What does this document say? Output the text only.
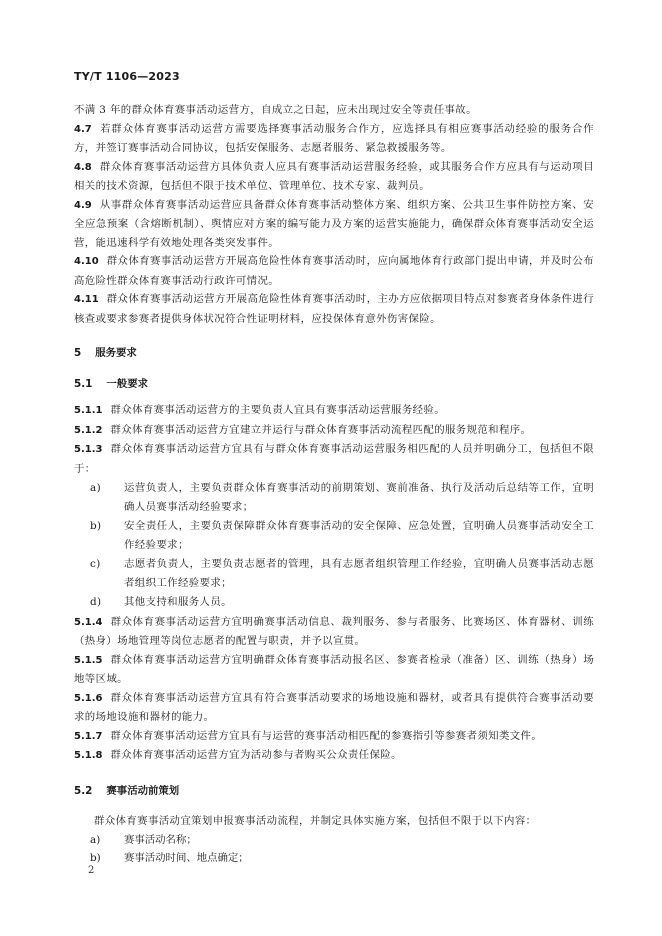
TY/T 1106—2023

不满 3 年的群众体育赛事活动运营方，自成立之日起，应未出现过安全等责任事故。

4.7 若群众体育赛事活动运营方需要选择赛事活动服务合作方，应选择具有相应赛事活动经验的服务合作方，并签订赛事活动合同协议，包括安保服务、志愿者服务、紧急救援服务等。

4.8 群众体育赛事活动运营方具体负责人应具有赛事活动运营服务经验，或其服务合作方应具有与运动项目相关的技术资源，包括但不限于技术单位、管理单位、技术专家、裁判员。

4.9 从事群众体育赛事活动运营应具备群众体育赛事活动整体方案、组织方案、公共卫生事件防控方案、安全应急预案（含熔断机制）、舆情应对方案的编写能力及方案的运营实施能力，确保群众体育赛事活动安全运营，能迅速科学有效地处理各类突发事件。

4.10 群众体育赛事活动运营方开展高危险性体育赛事活动时，应向属地体育行政部门提出申请，并及时公布高危险性群众体育赛事活动行政许可情况。

4.11 群众体育赛事活动运营方开展高危险性体育赛事活动时，主办方应依据项目特点对参赛者身体条件进行核查或要求参赛者提供身体状况符合性证明材料，应投保体育意外伤害保险。

5 服务要求
5.1 一般要求

5.1.1 群众体育赛事活动运营方的主要负责人宜具有赛事活动运营服务经验。

5.1.2 群众体育赛事活动运营方宜建立并运行与群众体育赛事活动流程匹配的服务规范和程序。

5.1.3 群众体育赛事活动运营方宜具有与群众体育赛事活动运营服务相匹配的人员并明确分工，包括但不限于：

a)	运营负责人，主要负责群众体育赛事活动的前期策划、赛前准备、执行及活动后总结等工作，宜明确人员赛事活动经验要求；
b)	安全责任人，主要负责保障群众体育赛事活动的安全保障、应急处置，宜明确人员赛事活动安全工作经验要求；
c)	志愿者负责人，主要负责志愿者的管理，具有志愿者组织管理工作经验，宜明确人员赛事活动志愿者组织工作经验要求；
d)	其他支持和服务人员。

5.1.4 群众体育赛事活动运营方宜明确赛事活动信息、裁判服务、参与者服务、比赛场区、体育器材、训练（热身）场地管理等岗位志愿者的配置与职责，并予以宣贯。

5.1.5 群众体育赛事活动运营方宜明确群众体育赛事活动报名区、参赛者检录（准备）区、训练（热身）场地等区域。

5.1.6 群众体育赛事活动运营方宜具有符合赛事活动要求的场地设施和器材，或者具有提供符合赛事活动要求的场地设施和器材的能力。

5.1.7 群众体育赛事活动运营方宜具有与运营的赛事活动相匹配的参赛指引等参赛者须知类文件。

5.1.8 群众体育赛事活动运营方宜为活动参与者购买公众责任保险。

5.2 赛事活动前策划

群众体育赛事活动宜策划申报赛事活动流程，并制定具体实施方案，包括但不限于以下内容：

a)	赛事活动名称；
b)	赛事活动时间、地点确定；
2
